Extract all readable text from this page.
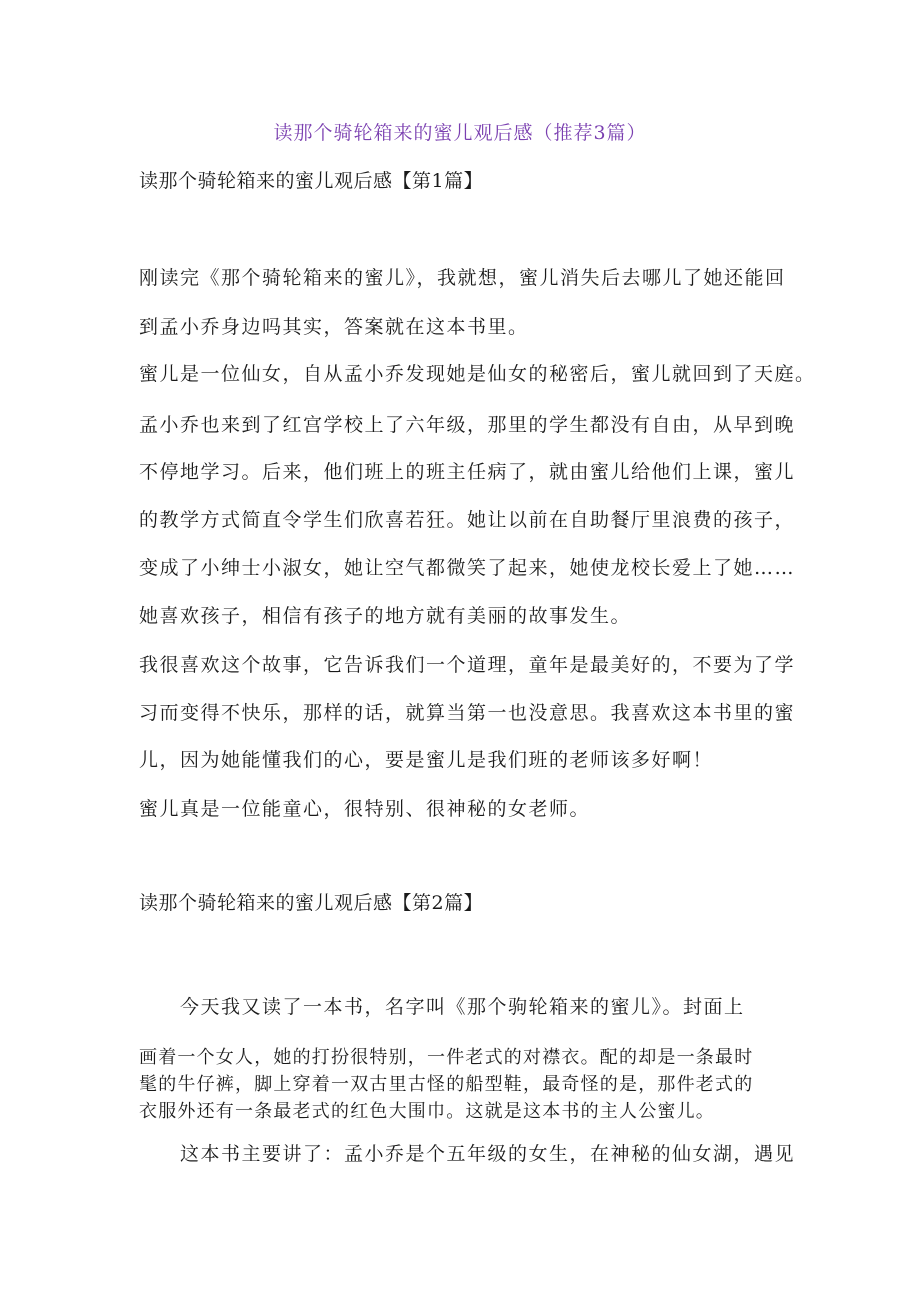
读那个骑轮箱来的蜜儿观后感（推荐3篇）
读那个骑轮箱来的蜜儿观后感【第1篇】
刚读完《那个骑轮箱来的蜜儿》，我就想，蜜儿消失后去哪儿了她还能回
到孟小乔身边吗其实，答案就在这本书里。
蜜儿是一位仙女，自从孟小乔发现她是仙女的秘密后，蜜儿就回到了天庭。
孟小乔也来到了红宫学校上了六年级，那里的学生都没有自由，从早到晚
不停地学习。后来，他们班上的班主任病了，就由蜜儿给他们上课，蜜儿
的教学方式简直令学生们欣喜若狂。她让以前在自助餐厅里浪费的孩子，
变成了小绅士小淑女，她让空气都微笑了起来，她使龙校长爱上了她……
她喜欢孩子，相信有孩子的地方就有美丽的故事发生。
我很喜欢这个故事，它告诉我们一个道理，童年是最美好的，不要为了学
习而变得不快乐，那样的话，就算当第一也没意思。我喜欢这本书里的蜜
儿，因为她能懂我们的心，要是蜜儿是我们班的老师该多好啊！
蜜儿真是一位能童心，很特别、很神秘的女老师。
读那个骑轮箱来的蜜儿观后感【第2篇】
今天我又读了一本书，名字叫《那个驹轮箱来的蜜儿》。封面上
画着一个女人，她的打扮很特别，一件老式的对襟衣。配的却是一条最时
髦的牛仔裤，脚上穿着一双古里古怪的船型鞋，最奇怪的是，那件老式的
衣服外还有一条最老式的红色大围巾。这就是这本书的主人公蜜儿。
这本书主要讲了：孟小乔是个五年级的女生，在神秘的仙女湖，遇见
